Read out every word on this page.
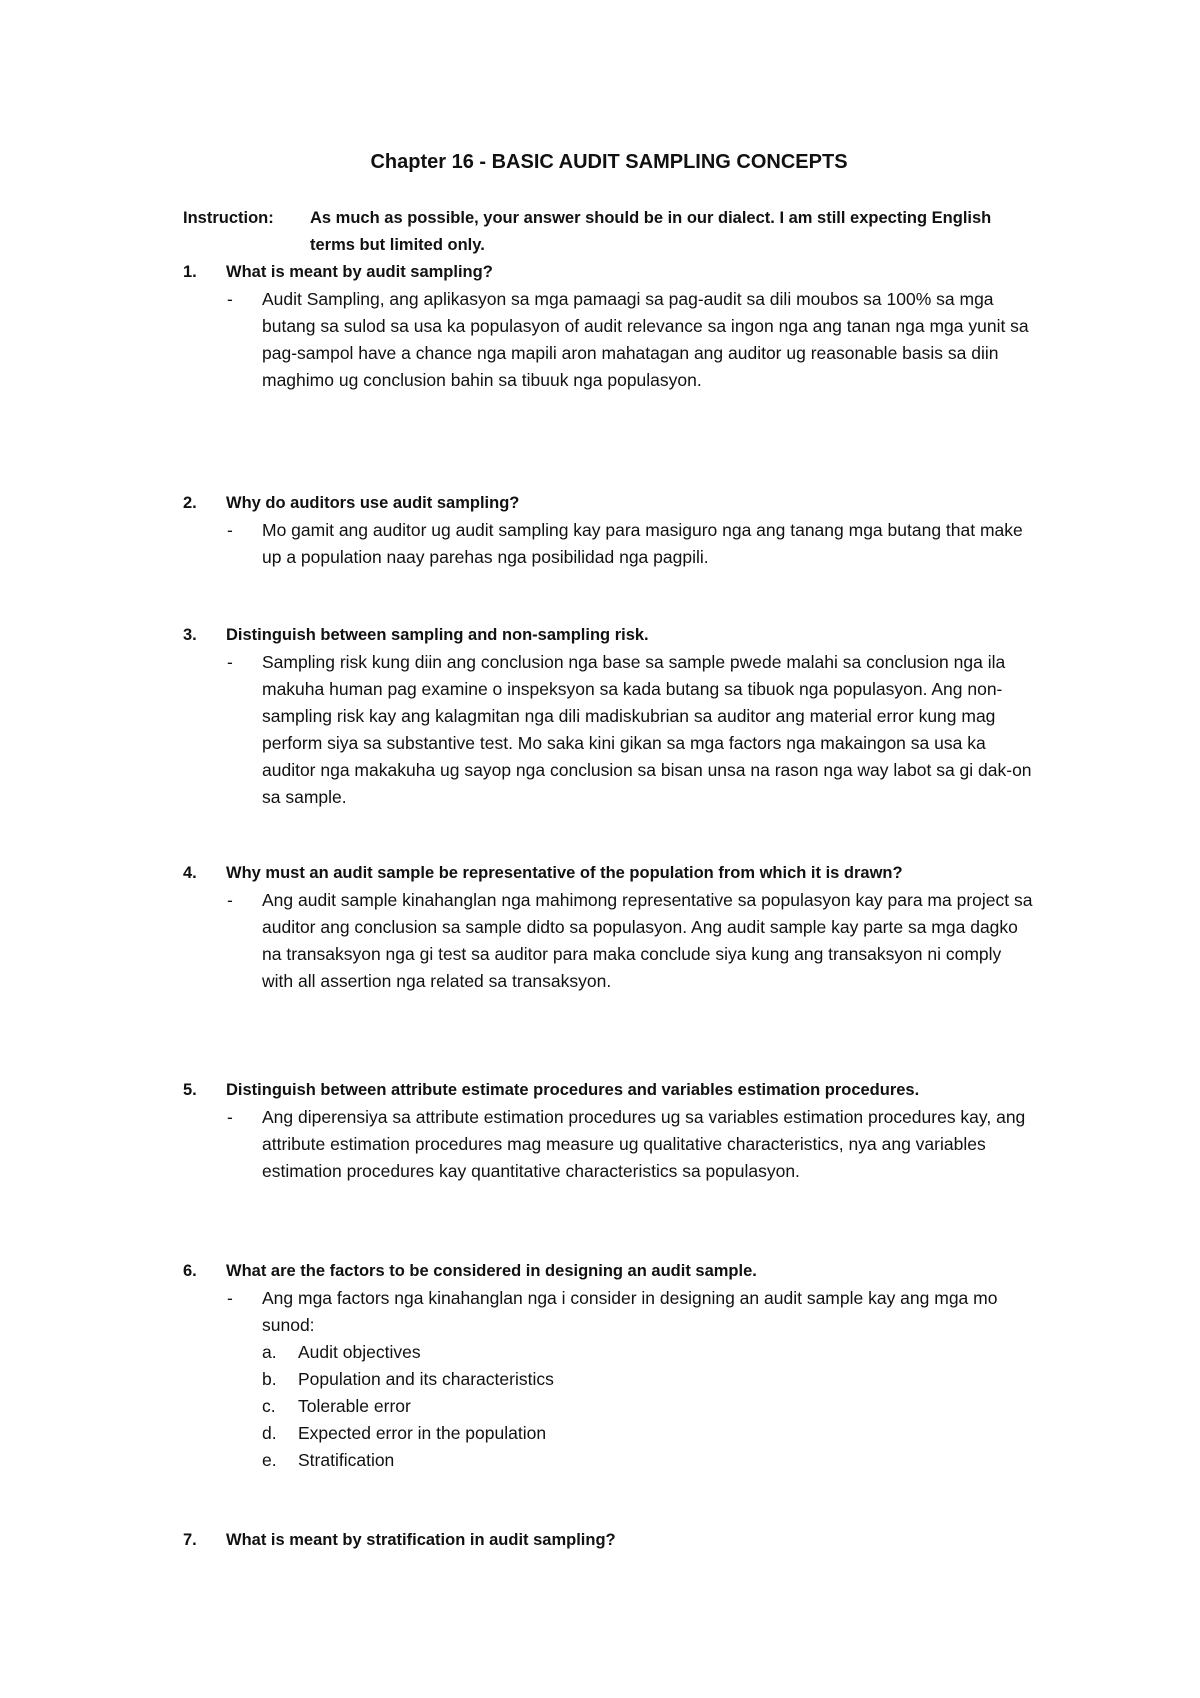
Chapter 16 - BASIC AUDIT SAMPLING CONCEPTS
Instruction: As much as possible, your answer should be in our dialect. I am still expecting English terms but limited only.
1. What is meant by audit sampling?
- Audit Sampling, ang aplikasyon sa mga pamaagi sa pag-audit sa dili moubos sa 100% sa mga butang sa sulod sa usa ka populasyon of audit relevance sa ingon nga ang tanan nga mga yunit sa pag-sampol have a chance nga mapili aron mahatagan ang auditor ug reasonable basis sa diin maghimo ug conclusion bahin sa tibuuk nga populasyon.
2. Why do auditors use audit sampling?
- Mo gamit ang auditor ug audit sampling kay para masiguro nga ang tanang mga butang that make up a population naay parehas nga posibilidad nga pagpili.
3. Distinguish between sampling and non-sampling risk.
- Sampling risk kung diin ang conclusion nga base sa sample pwede malahi sa conclusion nga ila makuha human pag examine o inspeksyon sa kada butang sa tibuok nga populasyon. Ang non-sampling risk kay ang kalagmitan nga dili madiskubrian sa auditor ang material error kung mag perform siya sa substantive test. Mo saka kini gikan sa mga factors nga makaingon sa usa ka auditor nga makakuha ug sayop nga conclusion sa bisan unsa na rason nga way labot sa gi dak-on sa sample.
4. Why must an audit sample be representative of the population from which it is drawn?
- Ang audit sample kinahanglan nga mahimong representative sa populasyon kay para ma project sa auditor ang conclusion sa sample didto sa populasyon. Ang audit sample kay parte sa mga dagko na transaksyon nga gi test sa auditor para maka conclude siya kung ang transaksyon ni comply with all assertion nga related sa transaksyon.
5. Distinguish between attribute estimate procedures and variables estimation procedures.
- Ang diperensiya sa attribute estimation procedures ug sa variables estimation procedures kay, ang attribute estimation procedures mag measure ug qualitative characteristics, nya ang variables estimation procedures kay quantitative characteristics sa populasyon.
6. What are the factors to be considered in designing an audit sample.
- Ang mga factors nga kinahanglan nga i consider in designing an audit sample kay ang mga mo sunod:
a. Audit objectives
b. Population and its characteristics
c. Tolerable error
d. Expected error in the population
e. Stratification
7. What is meant by stratification in audit sampling?
